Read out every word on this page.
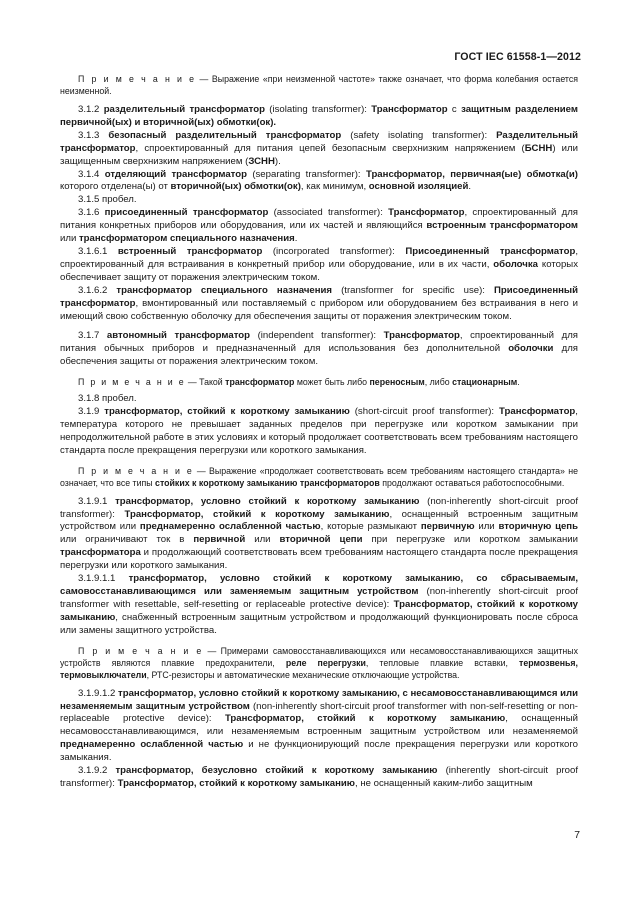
ГОСТ IEC 61558-1—2012

П р и м е ч а н и е — Выражение «при неизменной частоте» также означает, что форма колебания остается неизменной.

3.1.2 разделительный трансформатор (isolating transformer): Трансформатор с защитным разделением первичной(ых) и вторичной(ых) обмотки(ок).

3.1.3 безопасный разделительный трансформатор (safety isolating transformer): Разделительный трансформатор, спроектированный для питания цепей безопасным сверхнизким напряжением (БСНН) или защищенным сверхнизким напряжением (ЗСНН).

3.1.4 отделяющий трансформатор (separating transformer): Трансформатор, первичная(ые) обмотка(и) которого отделена(ы) от вторичной(ых) обмотки(ок), как минимум, основной изоляцией.

3.1.5 пробел.

3.1.6 присоединенный трансформатор (associated transformer): Трансформатор, спроектированный для питания конкретных приборов или оборудования, или их частей и являющийся встроенным трансформатором или трансформатором специального назначения.

3.1.6.1 встроенный трансформатор (incorporated transformer): Присоединенный трансформатор, спроектированный для встраивания в конкретный прибор или оборудование, или в их части, оболочка которых обеспечивает защиту от поражения электрическим током.

3.1.6.2 трансформатор специального назначения (transformer for specific use): Присоединенный трансформатор, вмонтированный или поставляемый с прибором или оборудованием без встраивания в него и имеющий свою собственную оболочку для обеспечения защиты от поражения электрическим током.

3.1.7 автономный трансформатор (independent transformer): Трансформатор, спроектированный для питания обычных приборов и предназначенный для использования без дополнительной оболочки для обеспечения защиты от поражения электрическим током.

П р и м е ч а н и е — Такой трансформатор может быть либо переносным, либо стационарным.

3.1.8 пробел.

3.1.9 трансформатор, стойкий к короткому замыканию (short-circuit proof transformer): Трансформатор, температура которого не превышает заданных пределов при перегрузке или коротком замыкании при непродолжительной работе в этих условиях и который продолжает соответствовать всем требованиям настоящего стандарта после прекращения перегрузки или короткого замыкания.

П р и м е ч а н и е — Выражение «продолжает соответствовать всем требованиям настоящего стандарта» не означает, что все типы стойких к короткому замыканию трансформаторов продолжают оставаться работоспособными.

3.1.9.1 трансформатор, условно стойкий к короткому замыканию (non-inherently short-circuit proof transformer): Трансформатор, стойкий к короткому замыканию, оснащенный встроенным защитным устройством или преднамеренно ослабленной частью, которые размыкают первичную или вторичную цепь или ограничивают ток в первичной или вторичной цепи при перегрузке или коротком замыкании трансформатора и продолжающий соответствовать всем требованиям настоящего стандарта после прекращения перегрузки или короткого замыкания.

3.1.9.1.1 трансформатор, условно стойкий к короткому замыканию, со сбрасываемым, самовосстанавливающимся или заменяемым защитным устройством (non-inherently short-circuit proof transformer with resettable, self-resetting or replaceable protective device): Трансформатор, стойкий к короткому замыканию, снабженный встроенным защитным устройством и продолжающий функционировать после сброса или замены защитного устройства.

П р и м е ч а н и е — Примерами самовосстанавливающихся или несамовосстанавливающихся защитных устройств являются плавкие предохранители, реле перегрузки, тепловые плавкие вставки, термозвенья, термовыключатели, РТС-резисторы и автоматические механические отключающие устройства.

3.1.9.1.2 трансформатор, условно стойкий к короткому замыканию, с несамовосстанавливающимся или незаменяемым защитным устройством (non-inherently short-circuit proof transformer with non-self-resetting or non-replaceable protective device): Трансформатор, стойкий к короткому замыканию, оснащенный несамовосстанавливающимся, или незаменяемым встроенным защитным устройством или незаменяемой преднамеренно ослабленной частью и не функционирующий после прекращения перегрузки или короткого замыкания.

3.1.9.2 трансформатор, безусловно стойкий к короткому замыканию (inherently short-circuit proof transformer): Трансформатор, стойкий к короткому замыканию, не оснащенный каким-либо защитным

7
